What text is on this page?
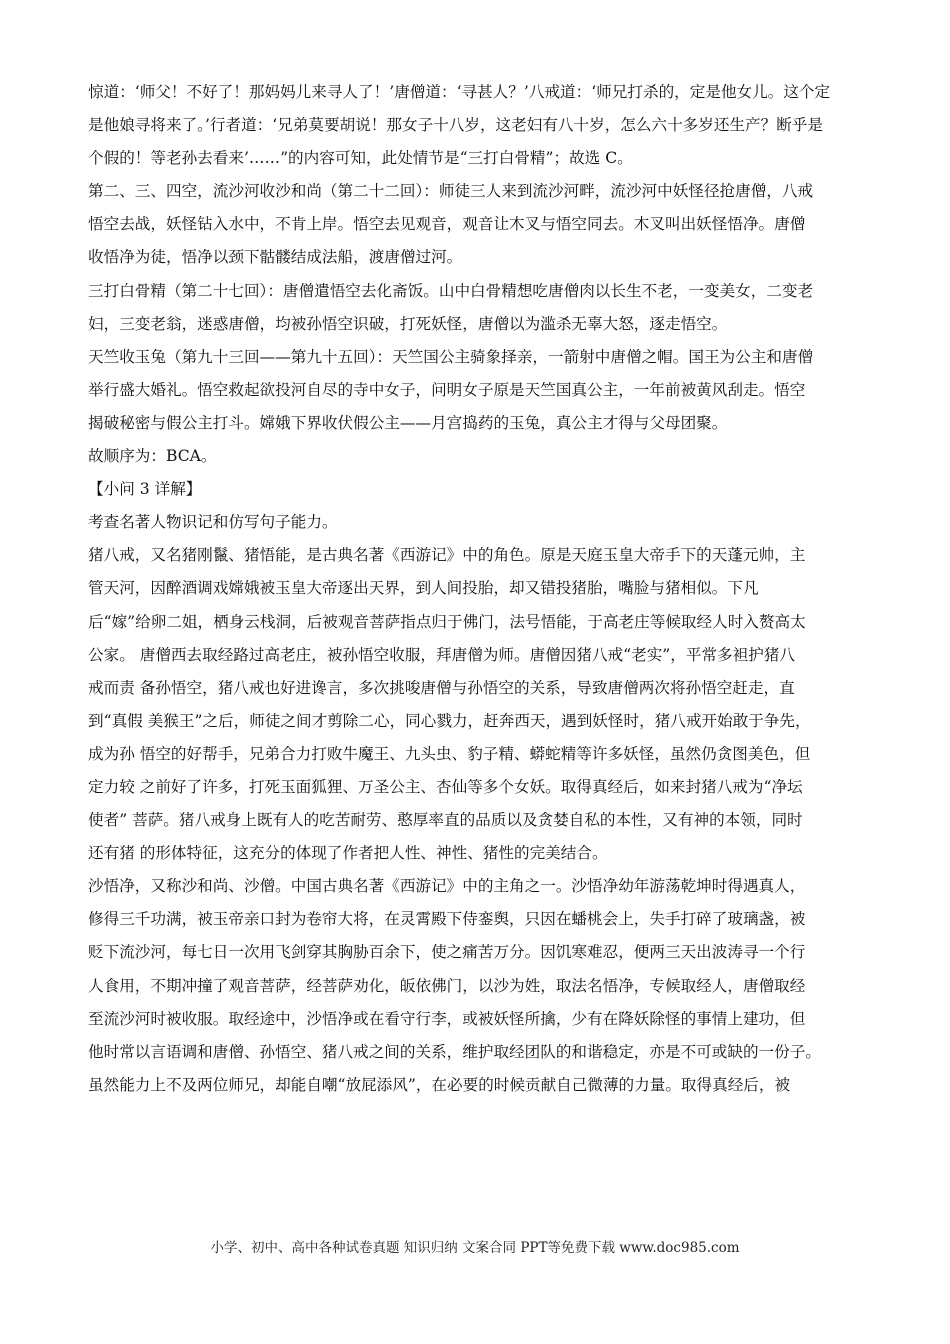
惊道：‘师父！不好了！那妈妈儿来寻人了！’唐僧道：‘寻甚人？’八戒道：‘师兄打杀的，定是他女儿。这个定
是他娘寻将来了。’行者道：‘兄弟莫要胡说！那女子十八岁，这老妇有八十岁，怎么六十多岁还生产？断乎是
个假的！等老孙去看来’……”的内容可知，此处情节是“三打白骨精”；故选 C。
第二、三、四空，流沙河收沙和尚（第二十二回）：师徒三人来到流沙河畔，流沙河中妖怪径抢唐僧，八戒
悟空去战，妖怪钻入水中，不肯上岸。悟空去见观音，观音让木叉与悟空同去。木叉叫出妖怪悟净。唐僧
收悟净为徒，悟净以颈下骷髅结成法船，渡唐僧过河。
三打白骨精（第二十七回）：唐僧遣悟空去化斋饭。山中白骨精想吃唐僧肉以长生不老，一变美女，二变老
妇，三变老翁，迷惑唐僧，均被孙悟空识破，打死妖怪，唐僧以为滥杀无辜大怒，逐走悟空。
天竺收玉兔（第九十三回——第九十五回）：天竺国公主骑象择亲，一箭射中唐僧之帽。国王为公主和唐僧
举行盛大婚礼。悟空救起欲投河自尽的寺中女子，问明女子原是天竺国真公主，一年前被黄风刮走。悟空
揭破秘密与假公主打斗。嫦娥下界收伏假公主——月宫捣药的玉兔，真公主才得与父母团聚。
故顺序为：BCA。
【小问 3 详解】
考查名著人物识记和仿写句子能力。
猪八戒，又名猪刚鬣、猪悟能，是古典名著《西游记》中的角色。原是天庭玉皇大帝手下的天蓬元帅，主
管天河，因醉酒调戏嫦娥被玉皇大帝逐出天界，到人间投胎，却又错投猪胎，嘴脸与猪相似。下凡
后“嫁”给卵二姐，栖身云栈洞，后被观音菩萨指点归于佛门，法号悟能，于高老庄等候取经人时入赘高太
公家。 唐僧西去取经路过高老庄，被孙悟空收服，拜唐僧为师。唐僧因猪八戒“老实”，平常多袒护猪八
戒而责 备孙悟空，猪八戒也好进谗言，多次挑唆唐僧与孙悟空的关系，导致唐僧两次将孙悟空赶走，直
到“真假 美猴王”之后，师徒之间才剪除二心，同心戮力，赶奔西天，遇到妖怪时，猪八戒开始敢于争先，
成为孙 悟空的好帮手，兄弟合力打败牛魔王、九头虫、豹子精、蟒蛇精等许多妖怪，虽然仍贪图美色，但
定力较 之前好了许多，打死玉面狐狸、万圣公主、杏仙等多个女妖。取得真经后，如来封猪八戒为“净坛
使者” 菩萨。猪八戒身上既有人的吃苦耐劳、憨厚率直的品质以及贪婪自私的本性，又有神的本领，同时
还有猪 的形体特征，这充分的体现了作者把人性、神性、猪性的完美结合。
沙悟净，又称沙和尚、沙僧。中国古典名著《西游记》中的主角之一。沙悟净幼年游荡乾坤时得遇真人，
修得三千功满，被玉帝亲口封为卷帘大将，在灵霄殿下侍銮舆，只因在蟠桃会上，失手打碎了玻璃盏，被
贬下流沙河，每七日一次用飞剑穿其胸胁百余下，使之痛苦万分。因饥寒难忍，便两三天出波涛寻一个行
人食用，不期冲撞了观音菩萨，经菩萨劝化，皈依佛门，以沙为姓，取法名悟净，专候取经人，唐僧取经
至流沙河时被收服。取经途中，沙悟净或在看守行李，或被妖怪所擒，少有在降妖除怪的事情上建功，但
他时常以言语调和唐僧、孙悟空、猪八戒之间的关系，维护取经团队的和谐稳定，亦是不可或缺的一份子。
虽然能力上不及两位师兄，却能自嘲“放屁添风”，在必要的时候贡献自己微薄的力量。取得真经后，被
小学、初中、高中各种试卷真题 知识归纳 文案合同 PPT等免费下载 www.doc985.com
